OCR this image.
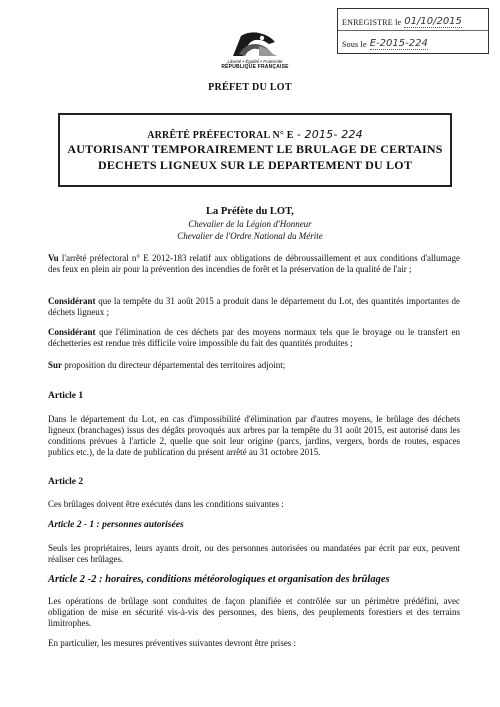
ENREGISTRE le 01/10/2015
Sous le E-2015-224
Liberté • Égalité • Fraternité
RÉPUBLIQUE FRANÇAISE
PRÉFET DU LOT
ARRÊTÉ PRÉFECTORAL N° E - 2015- 224
AUTORISANT TEMPORAIREMENT LE BRULAGE DE CERTAINS
DECHETS LIGNEUX SUR LE DEPARTEMENT DU LOT
La Préfète du LOT,
Chevalier de la Légion d'Honneur
Chevalier de l'Ordre National du Mérite
Vu l'arrêté préfectoral n° E 2012-183 relatif aux obligations de débroussaillement et aux conditions d'allumage des feux en plein air pour la prévention des incendies de forêt et la préservation de la qualité de l'air ;
Considérant que la tempête du 31 août 2015 a produit dans le département du Lot, des quantités importantes de déchets ligneux ;
Considérant que l'élimination de ces déchets par des moyens normaux tels que le broyage ou le transfert en déchetteries est rendue très difficile voire impossible du fait des quantités produites ;
Sur proposition du directeur départemental des territoires adjoint;
Article 1
Dans le département du Lot, en cas d'impossibilité d'élimination par d'autres moyens, le brûlage des déchets ligneux (branchages) issus des dégâts provoqués aux arbres par la tempête du 31 août 2015, est autorisé dans les conditions prévues à l'article 2, quelle que soit leur origine (parcs, jardins, vergers, bords de routes, espaces publics etc.), de la date de publication du présent arrêté au 31 octobre 2015.
Article 2
Ces brûlages doivent être exécutés dans les conditions suivantes :
Article 2 - 1 : personnes autorisées
Seuls les propriétaires, leurs ayants droit, ou des personnes autorisées ou mandatées par écrit par eux, peuvent réaliser ces brûlages.
Article 2 -2 : horaires, conditions météorologiques et organisation des brûlages
Les opérations de brûlage sont conduites de façon planifiée et contrôlée sur un périmètre prédéfini, avec obligation de mise en sécurité vis-à-vis des personnes, des biens, des peuplements forestiers et des terrains limitrophes.
En particulier, les mesures préventives suivantes devront être prises :
